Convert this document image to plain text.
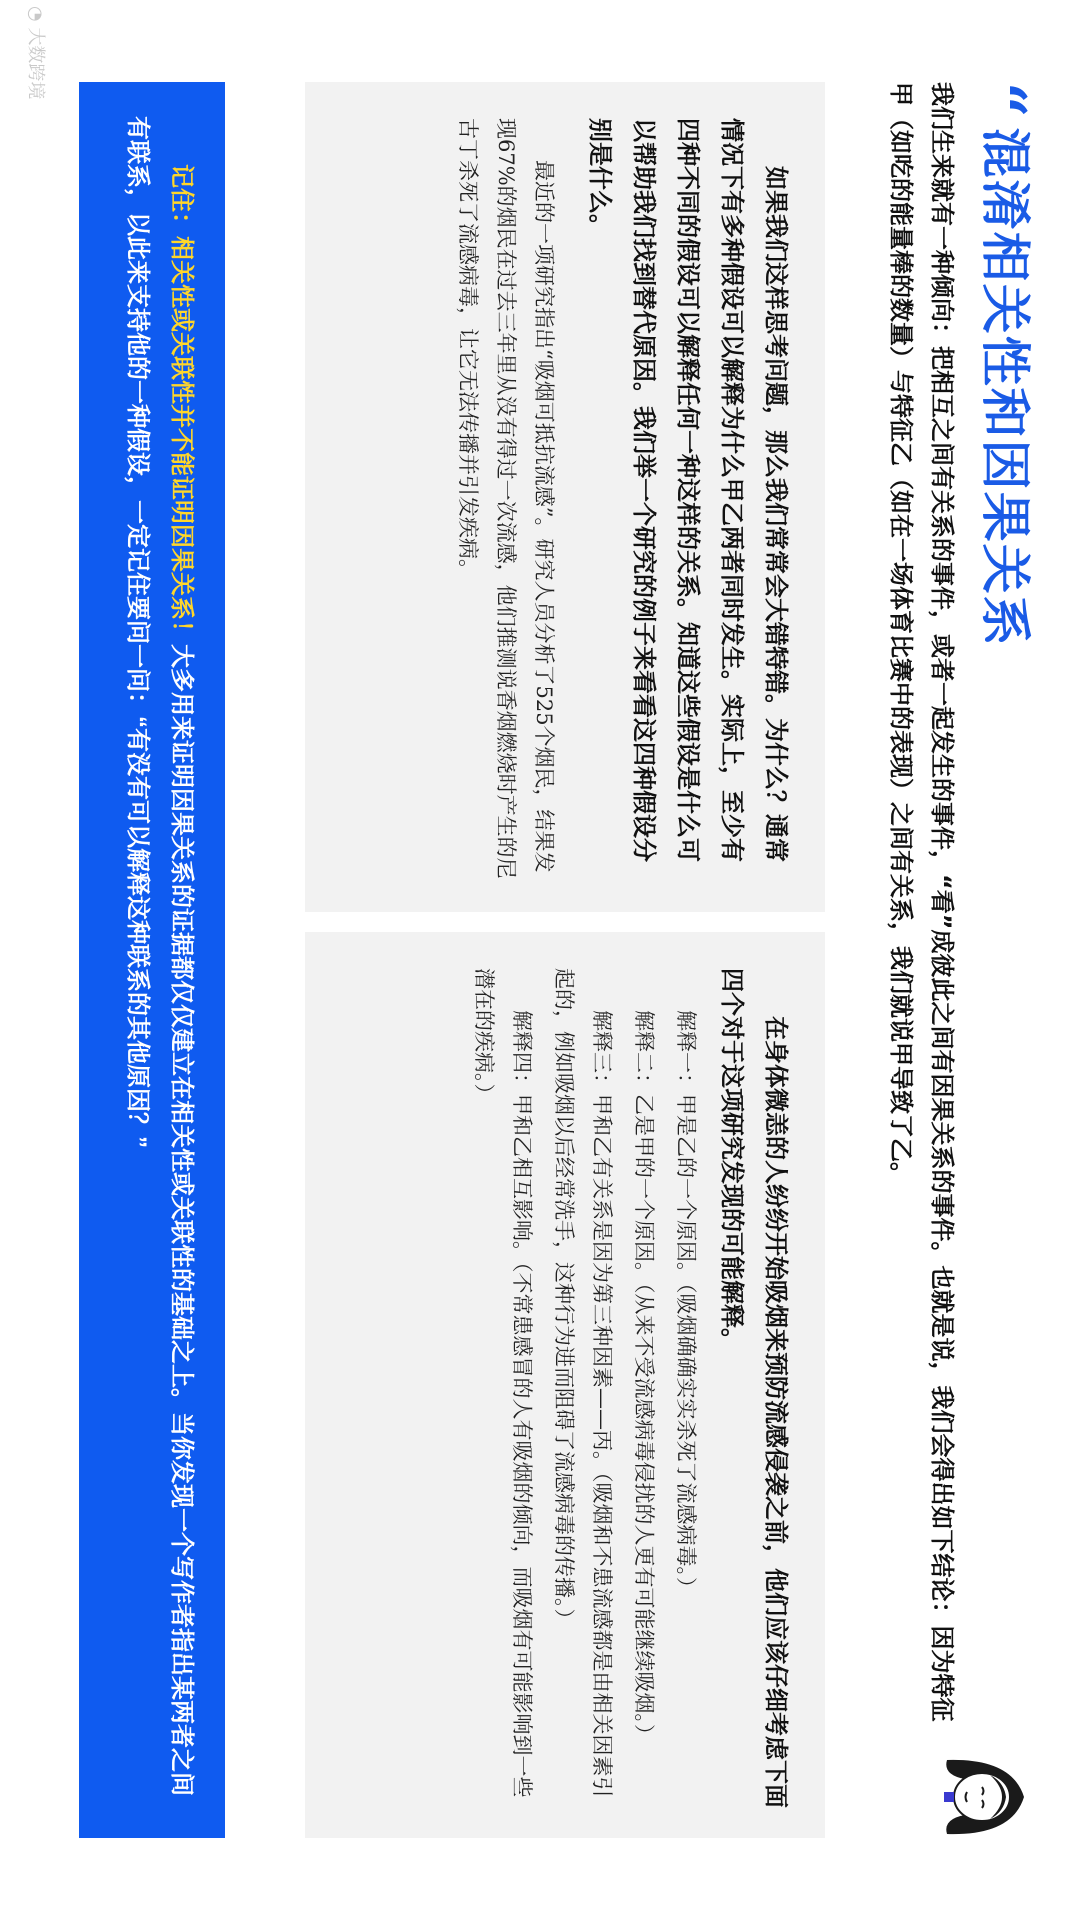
“
混淆相关性和因果关系
我们生来就有一种倾向：把相互之间有关系的事件，或者一起发生的事件，“看”成彼此之间有因果关系的事件。也就是说，我们会得出如下结论：因为特征甲（如吃的能量棒的数量）与特征乙（如在一场体育比赛中的表现）之间有关系，我们就说甲导致了乙。

如果我们这样思考问题，那么我们常常会大错特错。为什么？通常情况下有多种假设可以解释为什么甲乙两者同时发生。实际上，至少有四种不同的假设可以解释任何一种这样的关系。知道这些假设是什么可以帮助我们找到替代原因。我们举一个研究的例子来看看这四种假设分别是什么。

最近的一项研究指出“吸烟可抵抗流感”。研究人员分析了525个烟民，结果发现67%的烟民在过去三年里从没有得过一次流感，他们推测说香烟燃烧时产生的尼古丁杀死了流感病毒，让它无法传播并引发疾病。

在身体微恙的人纷纷开始吸烟来预防流感侵袭之前，他们应该仔细考虑下面四个对于这项研究发现的可能解释。

解释一：甲是乙的一个原因。（吸烟确确实实杀死了流感病毒。）

解释二：乙是甲的一个原因。（从来不受流感病毒侵扰的人更有可能继续吸烟。）

解释三：甲和乙有关系是因为第三种因素——丙。（吸烟和不患流感都是由相关因素引起的，例如吸烟以后经常洗手，这种行为进而阻碍了流感病毒的传播。）

解释四：甲和乙相互影响。（不常患感冒的人有吸烟的倾向，而吸烟有可能影响到一些潜在的疾病。）

记住：相关性或关联性并不能证明因果关系！大多用来证明因果关系的证据都仅仅建立在相关性或关联性的基础之上。当你发现一个写作者指出某两者之间有联系，以此来支持他的一种假设，一定记住要问一问：“有没有可以解释这种联系的其他原因？”
◔ 大数跨境
